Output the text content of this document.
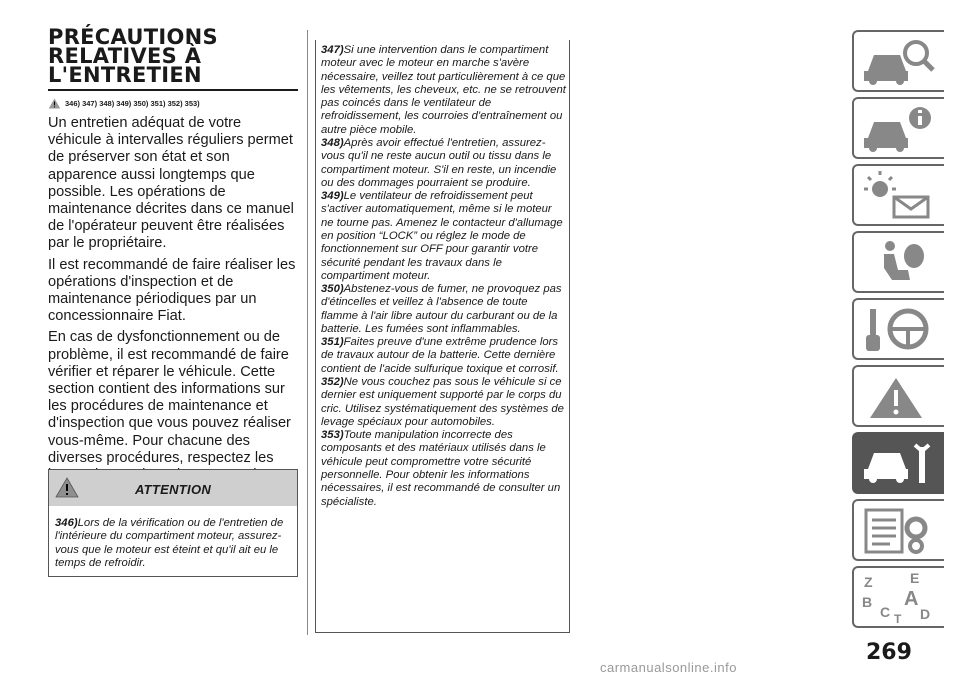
PRÉCAUTIONS
RELATIVES À
L'ENTRETIEN
346) 347) 348) 349) 350) 351) 352) 353)

Un entretien adéquat de votre véhicule à intervalles réguliers permet de préserver son état et son apparence aussi longtemps que possible. Les opérations de maintenance décrites dans ce manuel de l'opérateur peuvent être réalisées par le propriétaire.

Il est recommandé de faire réaliser les opérations d'inspection et de maintenance périodiques par un concessionnaire Fiat.

En cas de dysfonctionnement ou de problème, il est recommandé de faire vérifier et réparer le véhicule. Cette section contient des informations sur les procédures de maintenance et d'inspection que vous pouvez réaliser vous-même. Pour chacune des diverses procédures, respectez les

ATTENTION
346)Lors de la vérification ou de l'entretien de l'intérieure du compartiment moteur, assurez-vous que le moteur est éteint et qu'il ait eu le temps de refroidir.

347)Si une intervention dans le compartiment moteur avec le moteur en marche s'avère nécessaire, veillez tout particulièrement à ce que les vêtements, les cheveux, etc. ne se retrouvent pas coincés dans le ventilateur de refroidissement, les courroies d'entraînement ou autre pièce mobile.

348)Après avoir effectué l'entretien, assurez-vous qu'il ne reste aucun outil ou tissu dans le compartiment moteur. S'il en reste, un incendie ou des dommages pourraient se produire.

349)Le ventilateur de refroidissement peut s'activer automatiquement, même si le moteur ne tourne pas. Amenez le contacteur d'allumage en position “LOCK” ou réglez le mode de fonctionnement sur OFF pour garantir votre sécurité pendant les travaux dans le compartiment moteur.

350)Abstenez-vous de fumer, ne provoquez pas d'étincelles et veillez à l'absence de toute flamme à l'air libre autour du carburant ou de la batterie. Les fumées sont inflammables.

351)Faites preuve d'une extrême prudence lors de travaux autour de la batterie. Cette dernière contient de l'acide sulfurique toxique et corrosif.

352)Ne vous couchez pas sous le véhicule si ce dernier est uniquement supporté par le corps du cric. Utilisez systématiquement des systèmes de levage spéciaux pour automobiles.

353)Toute manipulation incorrecte des composants et des matériaux utilisés dans le véhicule peut compromettre votre sécurité personnelle. Pour obtenir les informations nécessaires, il est recommandé de consulter un spécialiste.

Z	E
B A
C D
T
269
carmanualsonline.info
